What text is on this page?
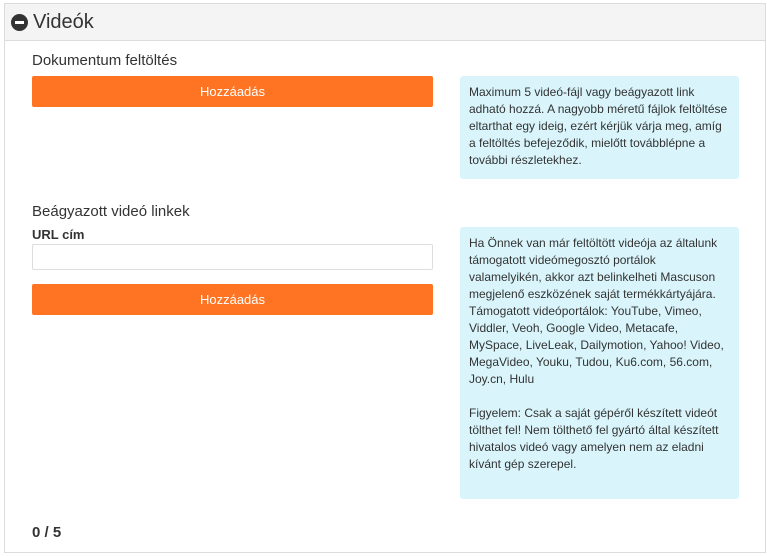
Videók
Dokumentum feltöltés
Hozzáadás	Maximum 5 videó-fájl vagy beágyazott link adható hozzá. A nagyobb méretű fájlok feltöltése eltarthat egy ideig, ezért kérjük várja meg, amíg a feltöltés befejeződik, mielőtt továbblépne a további részletekhez.

Beágyazott videó linkek
URL cím
Hozzáadás

Ha Önnek van már feltöltött videója az általunk támogatott videómegosztó portálok valamelyikén, akkor azt belinkelheti Mascuson megjelenő eszközének saját termékkártyájára. Támogatott videóportálok: YouTube, Vimeo, Viddler, Veoh, Google Video, Metacafe, MySpace, LiveLeak, Dailymotion, Yahoo! Video, MegaVideo, Youku, Tudou, Ku6.com, 56.com, Joy.cn, Hulu

Figyelem: Csak a saját gépéről készített videót tölthet fel! Nem tölthető fel gyártó által készített hivatalos videó vagy amelyen nem az eladni kívánt gép szerepel.

0 / 5
